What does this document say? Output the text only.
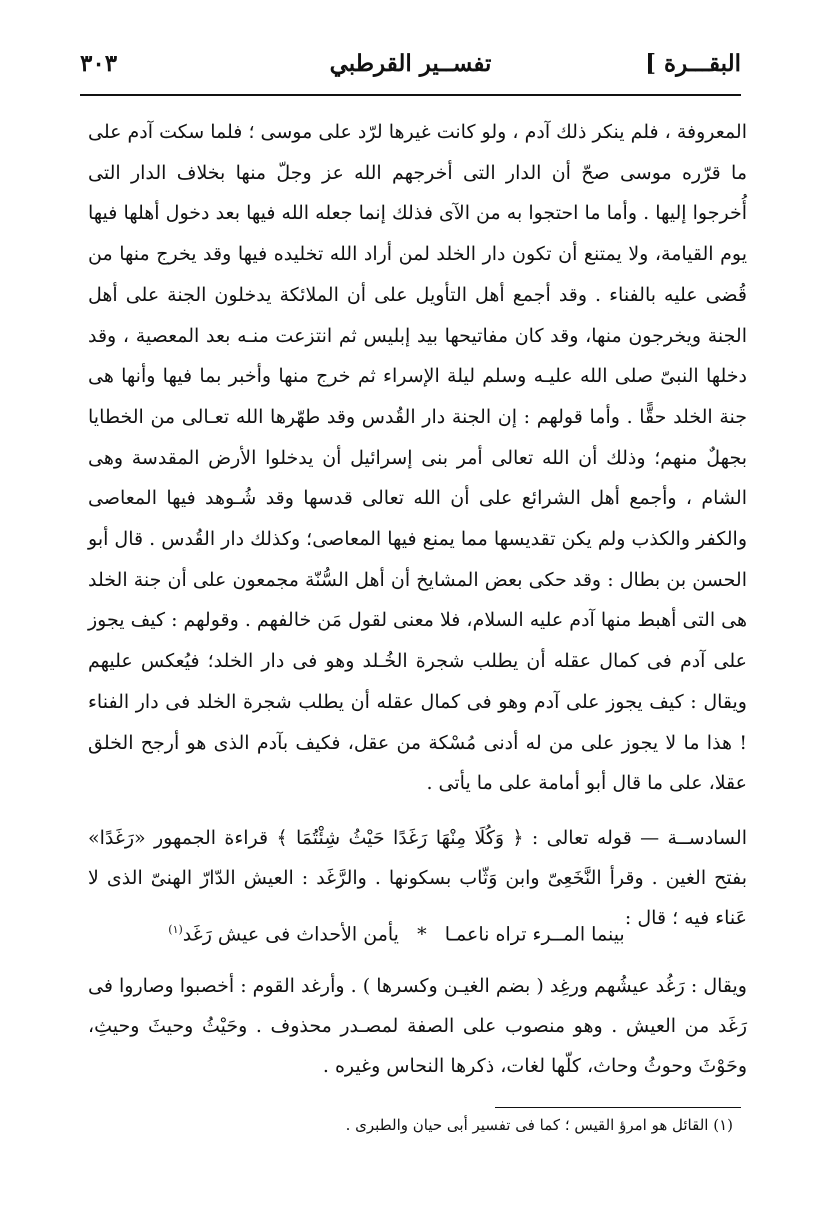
البقـــرة ]
تفســير القرطبي
٣٠٣

المعروفة ، فلم ينكر ذلك آدم ، ولو كانت غيرها لرّد على موسى ؛ فلما سكت آدم على ما قرّره موسى صحّ أن الدار التى أخرجهم الله عز وجلّ منها بخلاف الدار التى أُخرجوا إليها . وأما ما احتجوا به من الآى فذلك إنما جعله الله فيها بعد دخول أهلها فيها يوم القيامة، ولا يمتنع أن تكون دار الخلد لمن أراد الله تخليده فيها وقد يخرج منها من قُضى عليه بالفناء . وقد أجمع أهل التأويل على أن الملائكة يدخلون الجنة على أهل الجنة ويخرجون منها، وقد كان مفاتيحها بيد إبليس ثم انتزعت منـه بعد المعصية ، وقد دخلها النبىّ صلى الله عليـه وسلم ليلة الإسراء ثم خرج منها وأخبر بما فيها وأنها هى جنة الخلد حقًّا . وأما قولهم : إن الجنة دار القُدس وقد طهّرها الله تعـالى من الخطايا بجهلٌ منهم؛ وذلك أن الله تعالى أمر بنى إسرائيل أن يدخلوا الأرض المقدسة وهى الشام ، وأجمع أهل الشرائع على أن الله تعالى قدسها وقد شُـوهد فيها المعاصى والكفر والكذب ولم يكن تقديسها مما يمنع فيها المعاصى؛ وكذلك دار القُدس . قال أبو الحسن بن بطال : وقد حكى بعض المشايخ أن أهل السُّنّة مجمعون على أن جنة الخلد هى التى أهبط منها آدم عليه السلام، فلا معنى لقول مَن خالفهم . وقولهم : كيف يجوز على آدم فى كمال عقله أن يطلب شجرة الخُـلد وهو فى دار الخلد؛ فيُعكس عليهم ويقال : كيف يجوز على آدم وهو فى كمال عقله أن يطلب شجرة الخلد فى دار الفناء ! هذا ما لا يجوز على من له أدنى مُسْكة من عقل، فكيف بآدم الذى هو أرجح الخلق عقلا، على ما قال أبو أمامة على ما يأتى .

السادســة — قوله تعالى : ﴿ وَكُلَا مِنْهَا رَغَدًا حَيْثُ شِئْتُمَا ﴾ قراءة الجمهور «رَغَدًا» بفتح الغين . وقرأ النَّخَعِىّ وابن وَثّاب بسكونها . والرَّغَد : العيش الدّارّ الهنىّ الذى لا عَناء فيه ؛ قال :

بينما المــرء تراه ناعمـا   *   يأمن الأحداث فى عيش رَغَد$^{(١)}$

ويقال : رَغُد عيشُهم ورغِد ( بضم الغيـن وكسرها ) . وأرغد القوم : أخصبوا وصاروا فى رَغَد من العيش . وهو منصوب على الصفة لمصـدر محذوف . وحَيْثُ وحيثَ وحيثِ، وحَوْثَ وحوثُ وحاث، كلّها لغات، ذكرها النحاس وغيره .

(١) القائل هو امرؤ القيس ؛ كما فى تفسير أبى حيان والطبرى .
